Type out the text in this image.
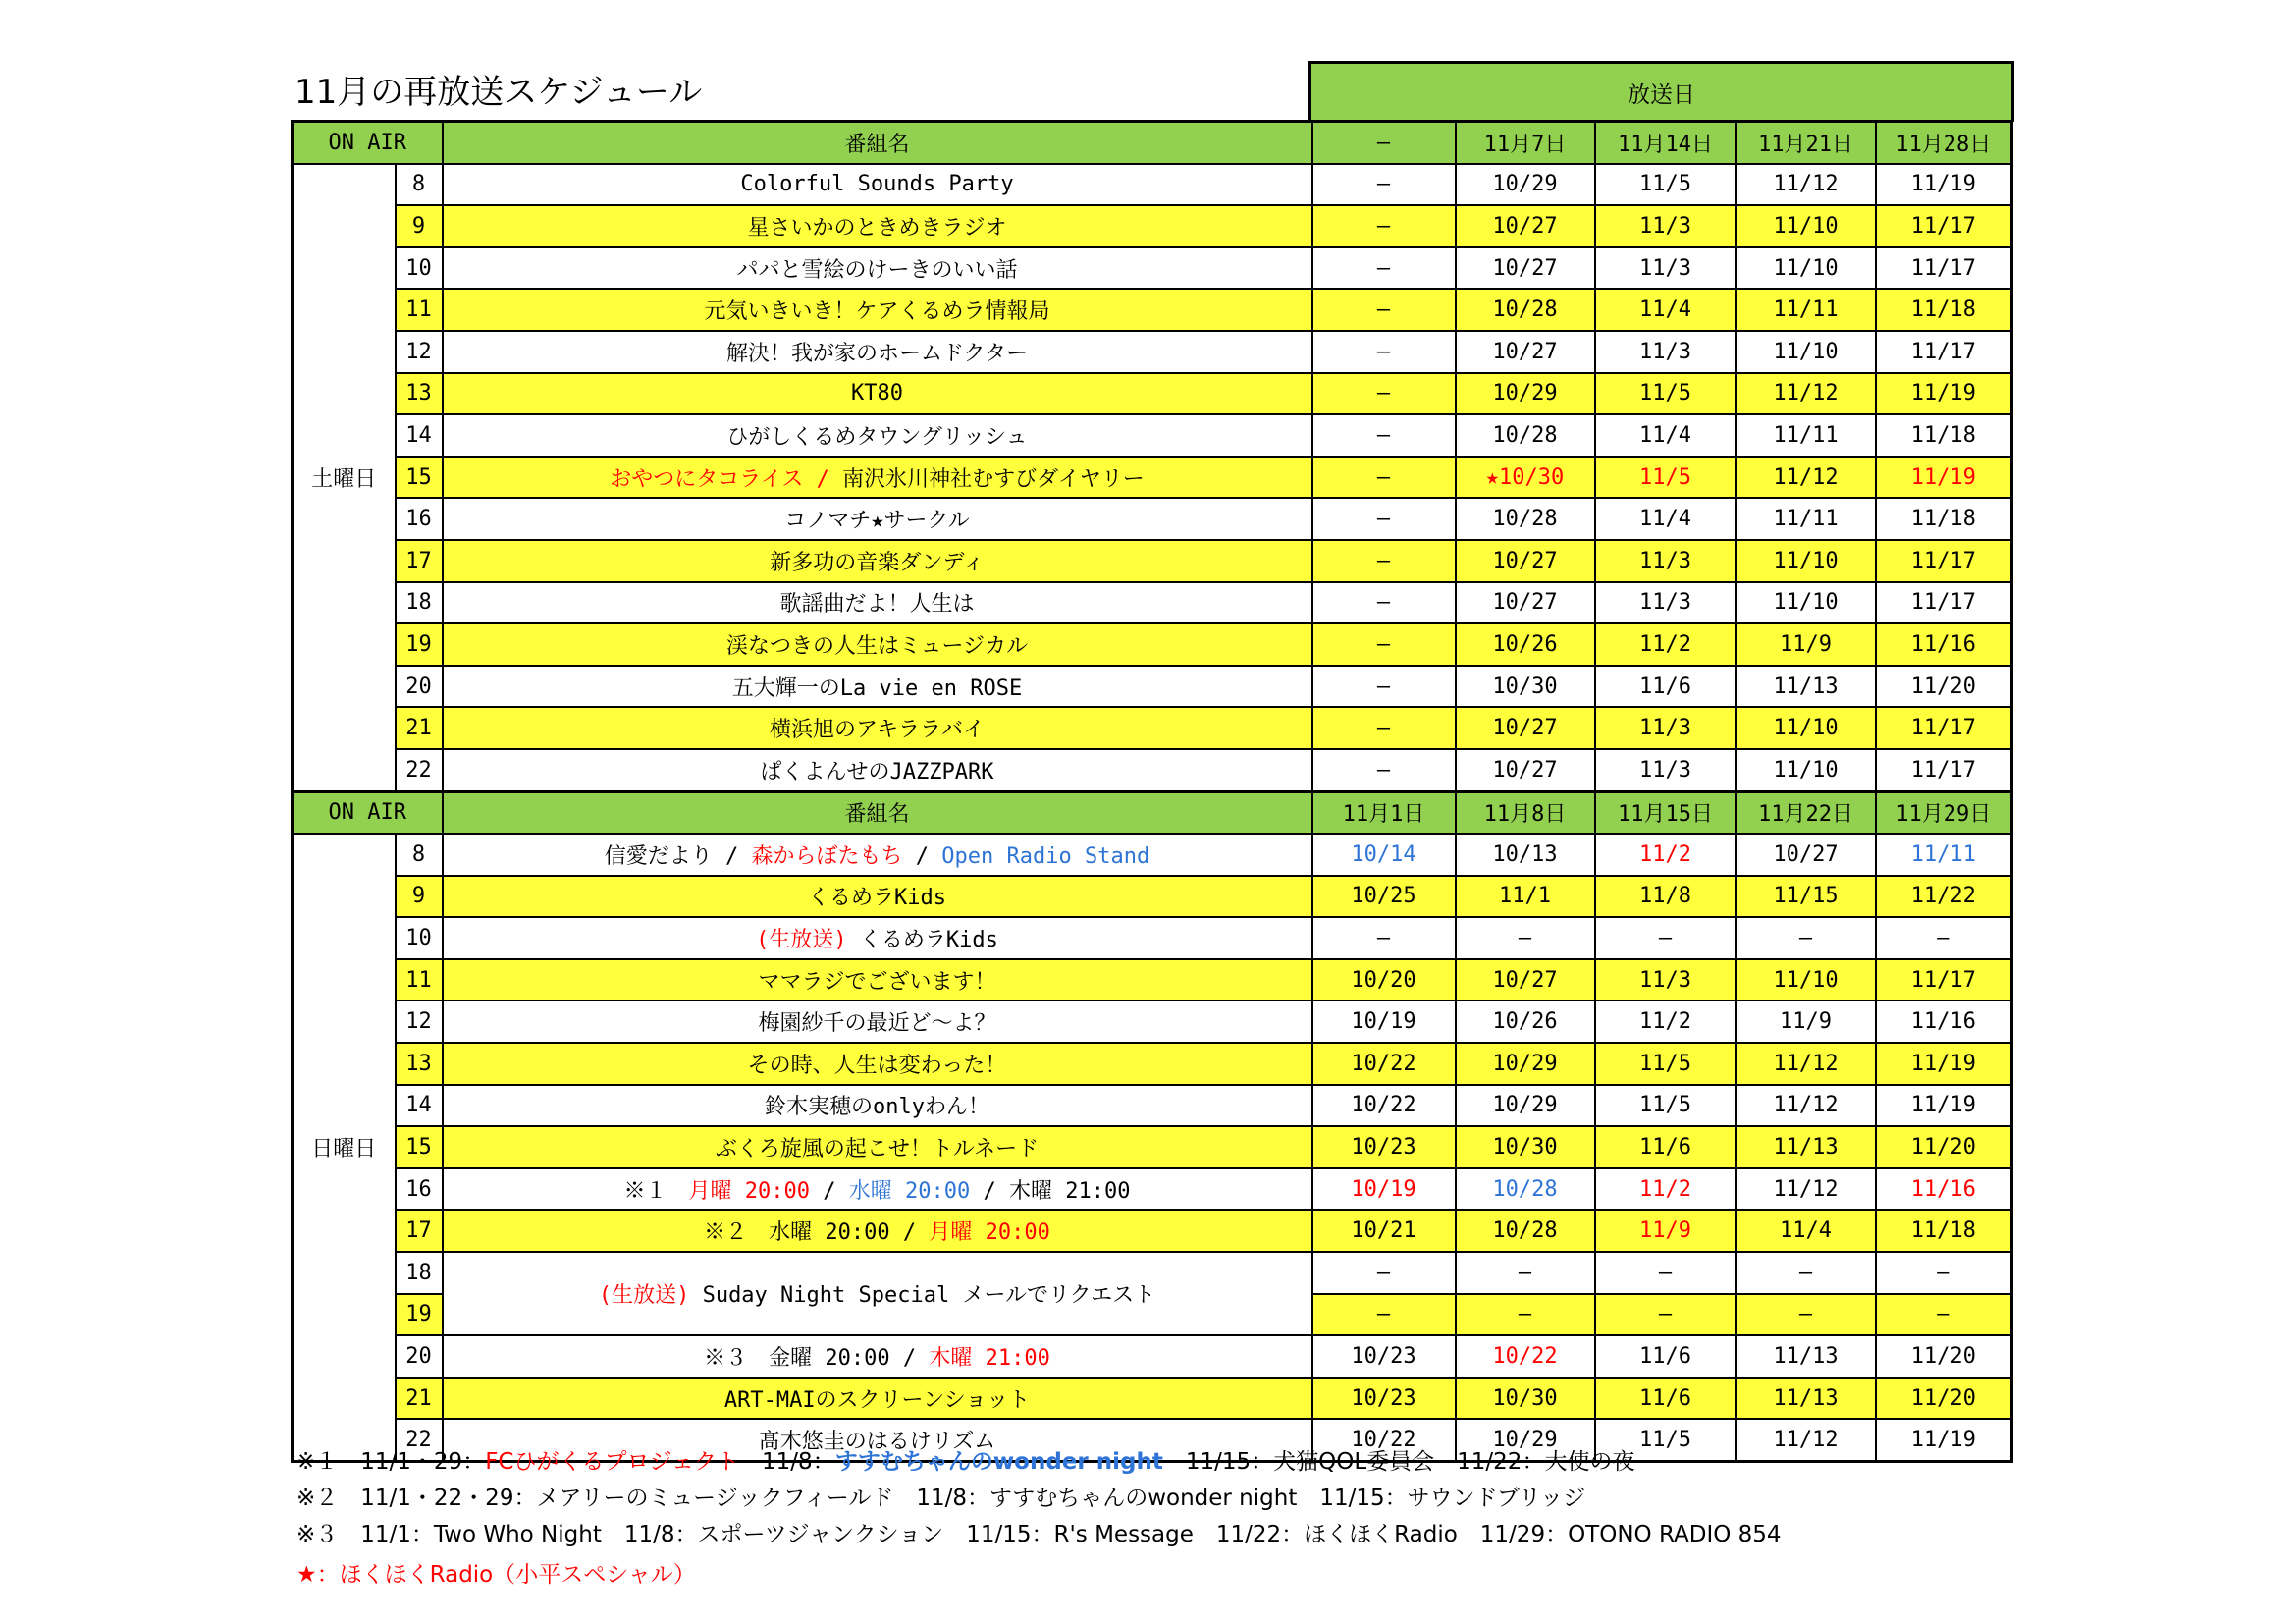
11月の再放送スケジュール	放送日
ON AIR		番組名	—	11月7日	11月14日	11月21日	11月28日
土曜日	8	Colorful Sounds Party	—	10/29	11/5	11/12	11/19
	9	星さいかのときめきラジオ	—	10/27	11/3	11/10	11/17
	10	パパと雪絵のけーきのいい話	—	10/27	11/3	11/10	11/17
	11	元気いきいき！ケアくるめラ情報局	—	10/28	11/4	11/11	11/18
	12	解決！我が家のホームドクター	—	10/27	11/3	11/10	11/17
	13	KT80	—	10/29	11/5	11/12	11/19
	14	ひがしくるめタウングリッシュ	—	10/28	11/4	11/11	11/18
	15	おやつにタコライス / 南沢氷川神社むすびダイヤリー	—	★10/30	11/5	11/12	11/19
	16	コノマチ★サークル	—	10/28	11/4	11/11	11/18
	17	新多功の音楽ダンディ	—	10/27	11/3	11/10	11/17
	18	歌謡曲だよ！人生は	—	10/27	11/3	11/10	11/17
	19	渓なつきの人生はミュージカル	—	10/26	11/2	11/9	11/16
	20	五大輝一のLa vie en ROSE	—	10/30	11/6	11/13	11/20
	21	横浜旭のアキララバイ	—	10/27	11/3	11/10	11/17
	22	ぱくよんせのJAZZPARK	—	10/27	11/3	11/10	11/17
ON AIR		番組名	11月1日	11月8日	11月15日	11月22日	11月29日
日曜日	8	信愛だより / 森からぼたもち / Open Radio Stand	10/14	10/13	11/2	10/27	11/11
	9	くるめラKids	10/25	11/1	11/8	11/15	11/22
	10	(生放送) くるめラKids	—	—	—	—	—
	11	ママラジでございます！	10/20	10/27	11/3	11/10	11/17
	12	梅園紗千の最近ど～よ？	10/19	10/26	11/2	11/9	11/16
	13	その時、人生は変わった！	10/22	10/29	11/5	11/12	11/19
	14	鈴木実穂のonlyわん！	10/22	10/29	11/5	11/12	11/19
	15	ぶくろ旋風の起こせ！トルネード	10/23	10/30	11/6	11/13	11/20
	16	※１　月曜 20:00 / 水曜 20:00 / 木曜 21:00	10/19	10/28	11/2	11/12	11/16
	17	※２　水曜 20:00 / 月曜 20:00	10/21	10/28	11/9	11/4	11/18
	18	(生放送) Suday Night Special メールでリクエスト	—	—	—	—	—
	19		—	—	—	—	—
	20	※３　金曜 20:00 / 木曜 21:00	10/23	10/22	11/6	11/13	11/20
	21	ART-MAIのスクリーンショット	10/23	10/30	11/6	11/13	11/20
	22	髙木悠圭のはるけリズム	10/22	10/29	11/5	11/12	11/19
※１　11/1・29：FCひがくるプロジェクト　11/8：すすむちゃんのwonder night　11/15：犬猫QOL委員会　11/22：大使の夜
※２　11/1・22・29：メアリーのミュージックフィールド　11/8：すすむちゃんのwonder night　11/15：サウンドブリッジ
※３　11/1：Two Who Night　11/8：スポーツジャンクション　11/15：R's Message　11/22：ほくほくRadio　11/29：OTONO RADIO 854
★：ほくほくRadio（小平スペシャル）
